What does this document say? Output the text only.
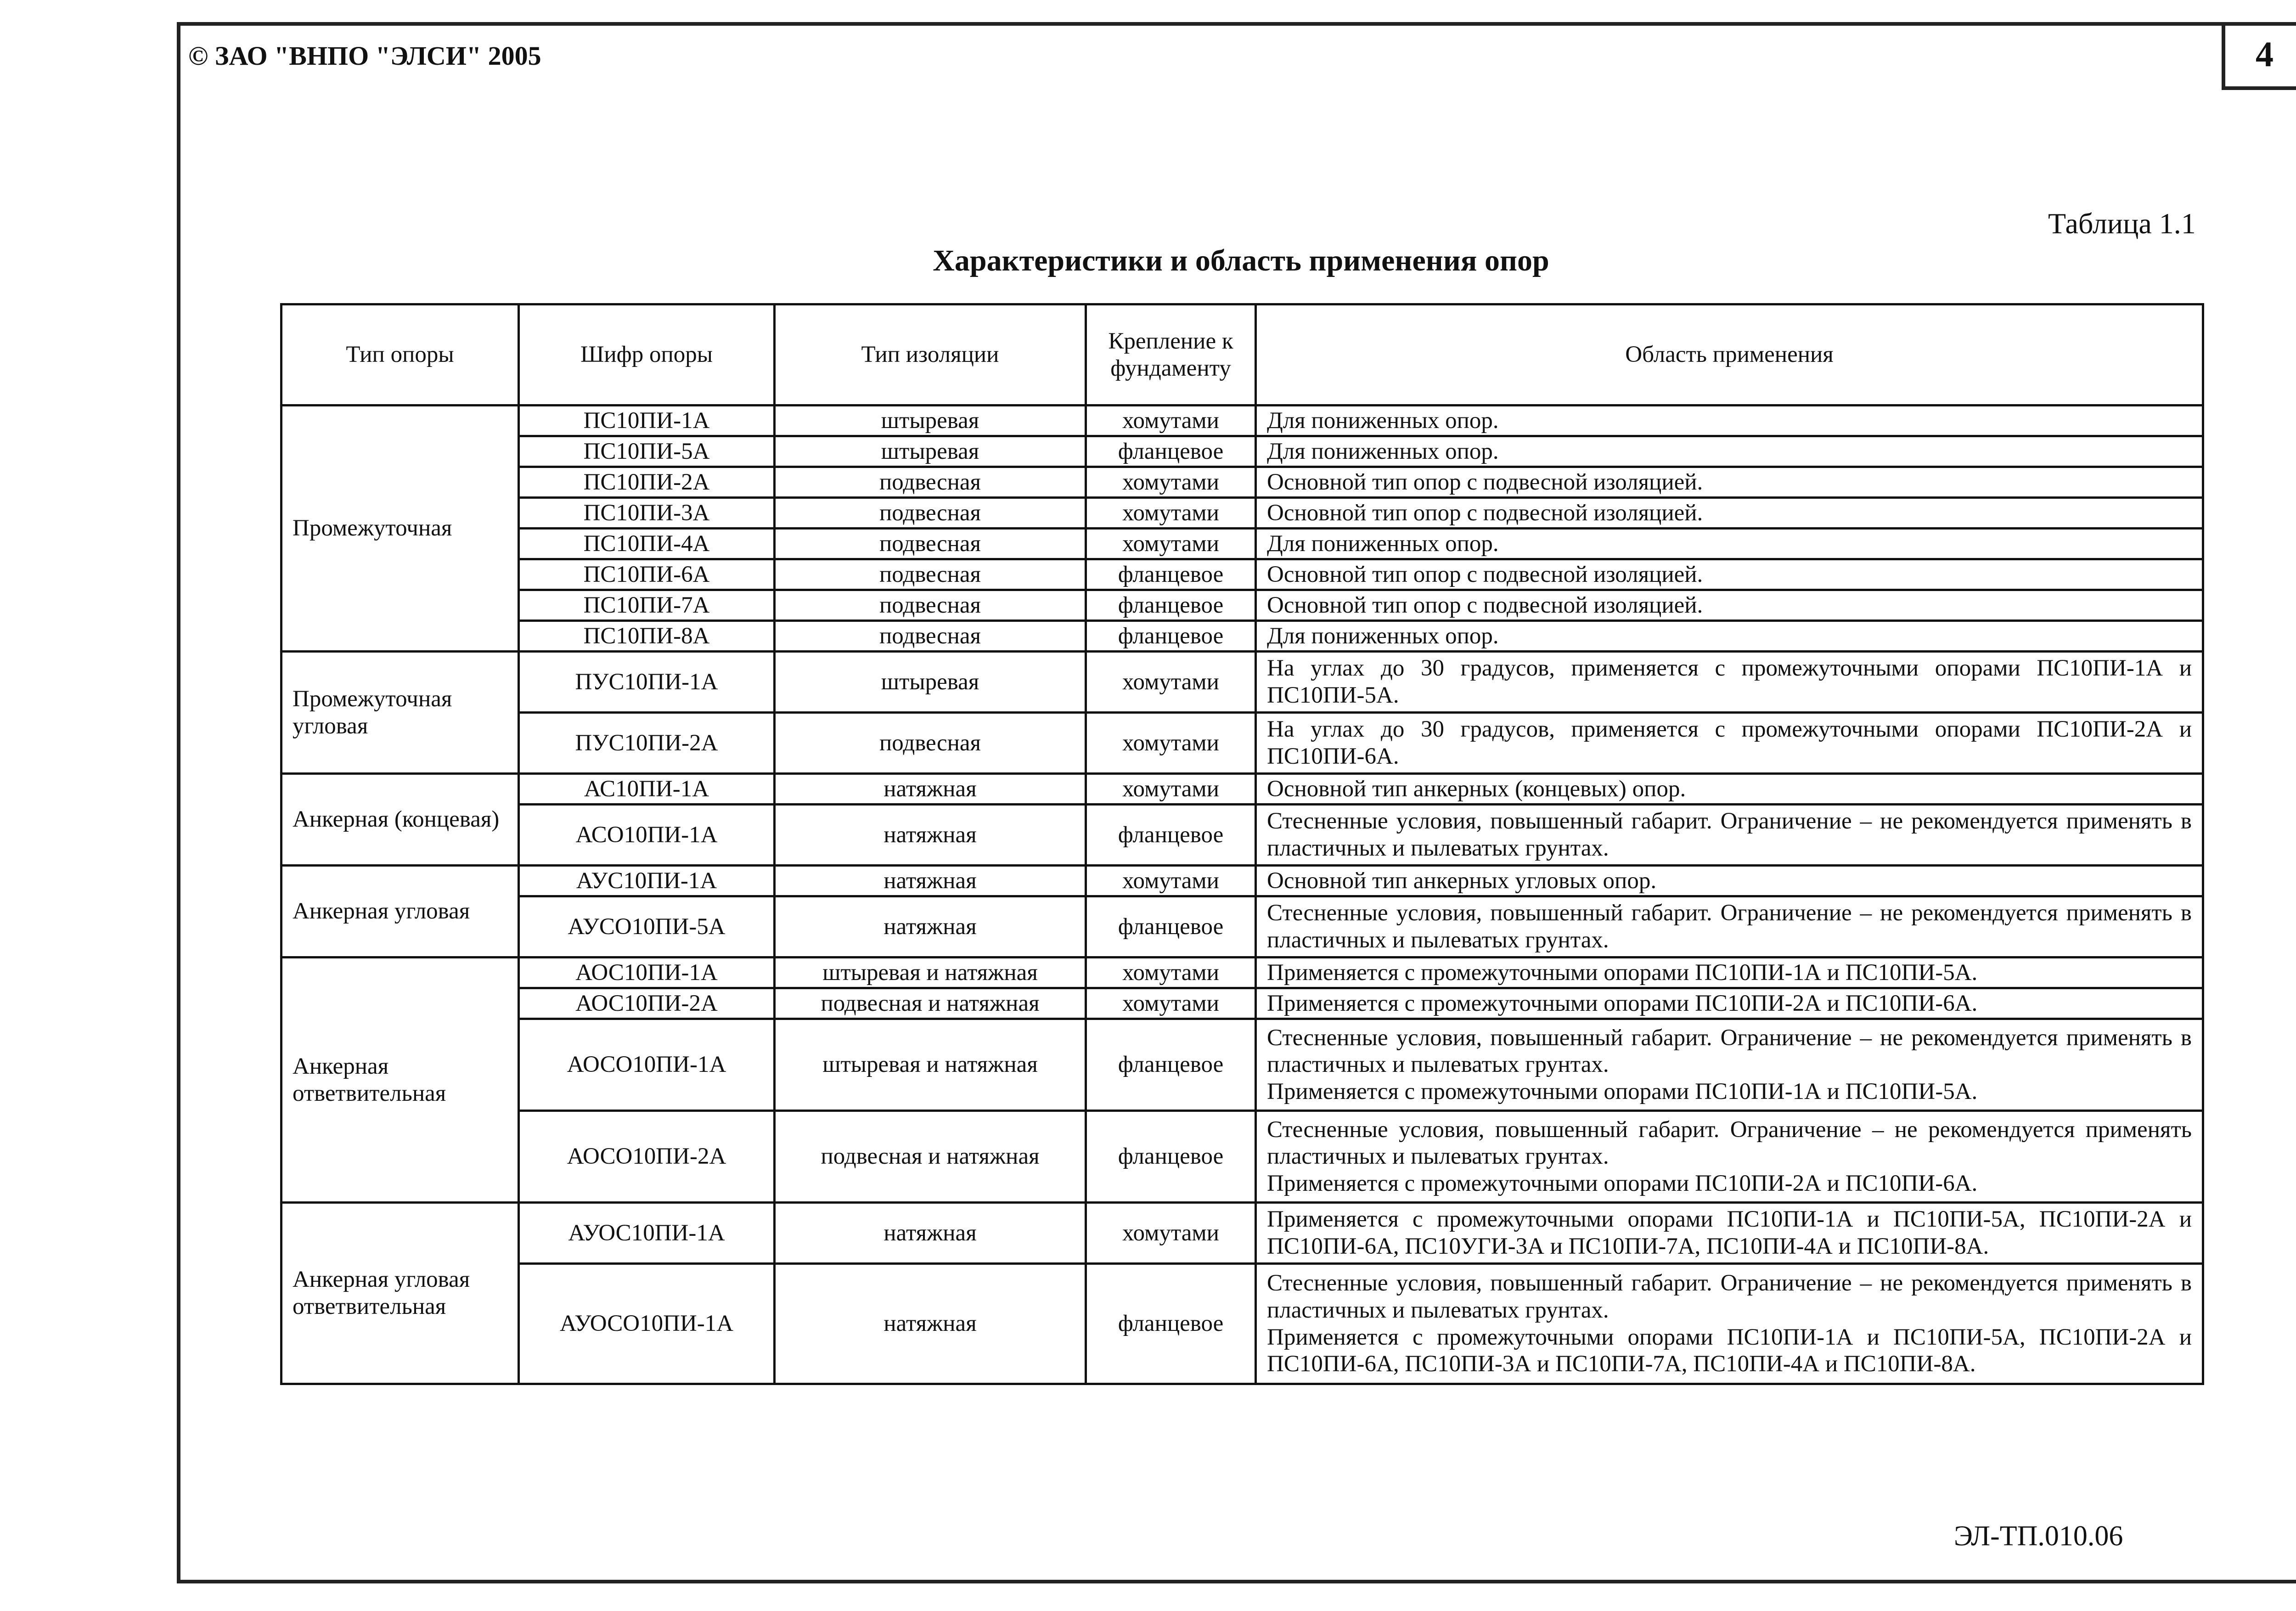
© ЗАО "ВНПО "ЭЛСИ" 2005	4
Таблица 1.1
Характеристики и область применения опор
Тип опоры	Шифр опоры	Тип изоляции	Крепление к фундаменту	Область применения
Промежуточная	ПС10ПИ-1А	штыревая	хомутами	Для пониженных опор.
	ПС10ПИ-5А	штыревая	фланцевое	Для пониженных опор.
	ПС10ПИ-2А	подвесная	хомутами	Основной тип опор с подвесной изоляцией.
	ПС10ПИ-3А	подвесная	хомутами	Основной тип опор с подвесной изоляцией.
	ПС10ПИ-4А	подвесная	хомутами	Для пониженных опор.
	ПС10ПИ-6А	подвесная	фланцевое	Основной тип опор с подвесной изоляцией.
	ПС10ПИ-7А	подвесная	фланцевое	Основной тип опор с подвесной изоляцией.
	ПС10ПИ-8А	подвесная	фланцевое	Для пониженных опор.
Промежуточная угловая	ПУС10ПИ-1А	штыревая	хомутами	На углах до 30 градусов, применяется с промежуточными опорами ПС10ПИ-1А и ПС10ПИ-5А.
	ПУС10ПИ-2А	подвесная	хомутами	На углах до 30 градусов, применяется с промежуточными опорами ПС10ПИ-2А и ПС10ПИ-6А.
Анкерная (концевая)	АС10ПИ-1А	натяжная	хомутами	Основной тип анкерных (концевых) опор.
	АСО10ПИ-1А	натяжная	фланцевое	Стесненные условия, повышенный габарит. Ограничение – не рекомендуется применять в пластичных и пылеватых грунтах.
Анкерная угловая	АУС10ПИ-1А	натяжная	хомутами	Основной тип анкерных угловых опор.
	АУСО10ПИ-5А	натяжная	фланцевое	Стесненные условия, повышенный габарит. Ограничение – не рекомендуется применять в пластичных и пылеватых грунтах.
Анкерная ответвительная	АОС10ПИ-1А	штыревая и натяжная	хомутами	Применяется с промежуточными опорами ПС10ПИ-1А и ПС10ПИ-5А.
	АОС10ПИ-2А	подвесная и натяжная	хомутами	Применяется с промежуточными опорами ПС10ПИ-2А и ПС10ПИ-6А.
	АОСО10ПИ-1А	штыревая и натяжная	фланцевое	Стесненные условия, повышенный габарит. Ограничение – не рекомендуется применять в пластичных и пылеватых грунтах.
Применяется с промежуточными опорами ПС10ПИ-1А и ПС10ПИ-5А.

	АОСО10ПИ-2А	подвесная и натяжная	фланцевое	Стесненные условия, повышенный габарит. Ограничение – не рекомендуется применять пластичных и пылеватых грунтах.
Применяется с промежуточными опорами ПС10ПИ-2А и ПС10ПИ-6А.

Анкерная угловая ответвительная	АУОС10ПИ-1А	натяжная	хомутами	Применяется с промежуточными опорами ПС10ПИ-1А и ПС10ПИ-5А, ПС10ПИ-2А и ПС10ПИ-6А, ПС10УГИ-3А и ПС10ПИ-7А, ПС10ПИ-4А и ПС10ПИ-8А.
	АУОСО10ПИ-1А	натяжная	фланцевое	Стесненные условия, повышенный габарит. Ограничение – не рекомендуется применять в пластичных и пылеватых грунтах.
Применяется с промежуточными опорами ПС10ПИ-1А и ПС10ПИ-5А, ПС10ПИ-2А и ПС10ПИ-6А, ПС10ПИ-3А и ПС10ПИ-7А, ПС10ПИ-4А и ПС10ПИ-8А.
ЭЛ-ТП.010.06
